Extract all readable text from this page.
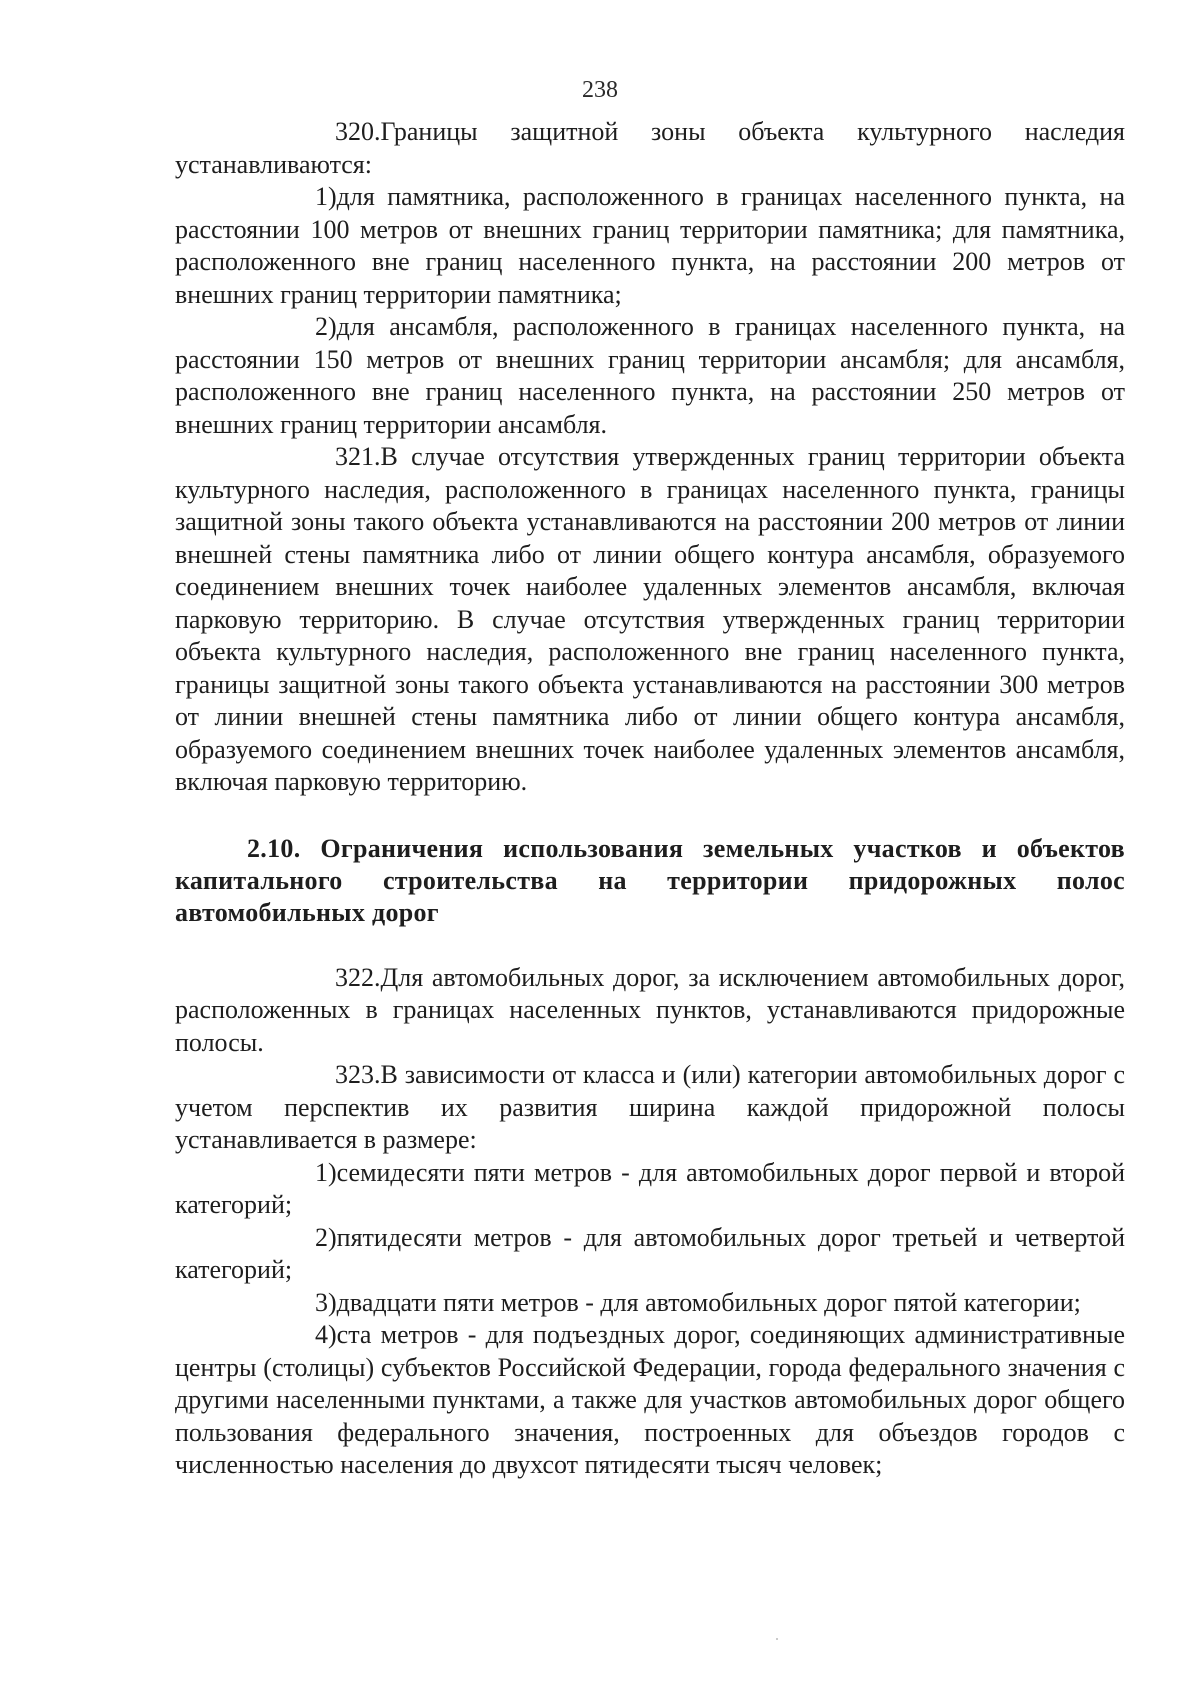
238

320.Границы защитной зоны объекта культурного наследия устанавливаются:

1)для памятника, расположенного в границах населенного пункта, на расстоянии 100 метров от внешних границ территории памятника; для памятника, расположенного вне границ населенного пункта, на расстоянии 200 метров от внешних границ территории памятника;

2)для ансамбля, расположенного в границах населенного пункта, на расстоянии 150 метров от внешних границ территории ансамбля; для ансамбля, расположенного вне границ населенного пункта, на расстоянии 250 метров от внешних границ территории ансамбля.

321.В случае отсутствия утвержденных границ территории объекта культурного наследия, расположенного в границах населенного пункта, границы защитной зоны такого объекта устанавливаются на расстоянии 200 метров от линии внешней стены памятника либо от линии общего контура ансамбля, образуемого соединением внешних точек наиболее удаленных элементов ансамбля, включая парковую территорию. В случае отсутствия утвержденных границ территории объекта культурного наследия, расположенного вне границ населенного пункта, границы защитной зоны такого объекта устанавливаются на расстоянии 300 метров от линии внешней стены памятника либо от линии общего контура ансамбля, образуемого соединением внешних точек наиболее удаленных элементов ансамбля, включая парковую территорию.

2.10. Ограничения использования земельных участков и объектов капитального строительства на территории придорожных полос автомобильных дорог

322.Для автомобильных дорог, за исключением автомобильных дорог, расположенных в границах населенных пунктов, устанавливаются придорожные полосы.

323.В зависимости от класса и (или) категории автомобильных дорог с учетом перспектив их развития ширина каждой придорожной полосы устанавливается в размере:

1)семидесяти пяти метров - для автомобильных дорог первой и второй категорий;

2)пятидесяти метров - для автомобильных дорог третьей и четвертой категорий;

3)двадцати пяти метров - для автомобильных дорог пятой категории;

4)ста метров - для подъездных дорог, соединяющих административные центры (столицы) субъектов Российской Федерации, города федерального значения с другими населенными пунктами, а также для участков автомобильных дорог общего пользования федерального значения, построенных для объездов городов с численностью населения до двухсот пятидесяти тысяч человек;
